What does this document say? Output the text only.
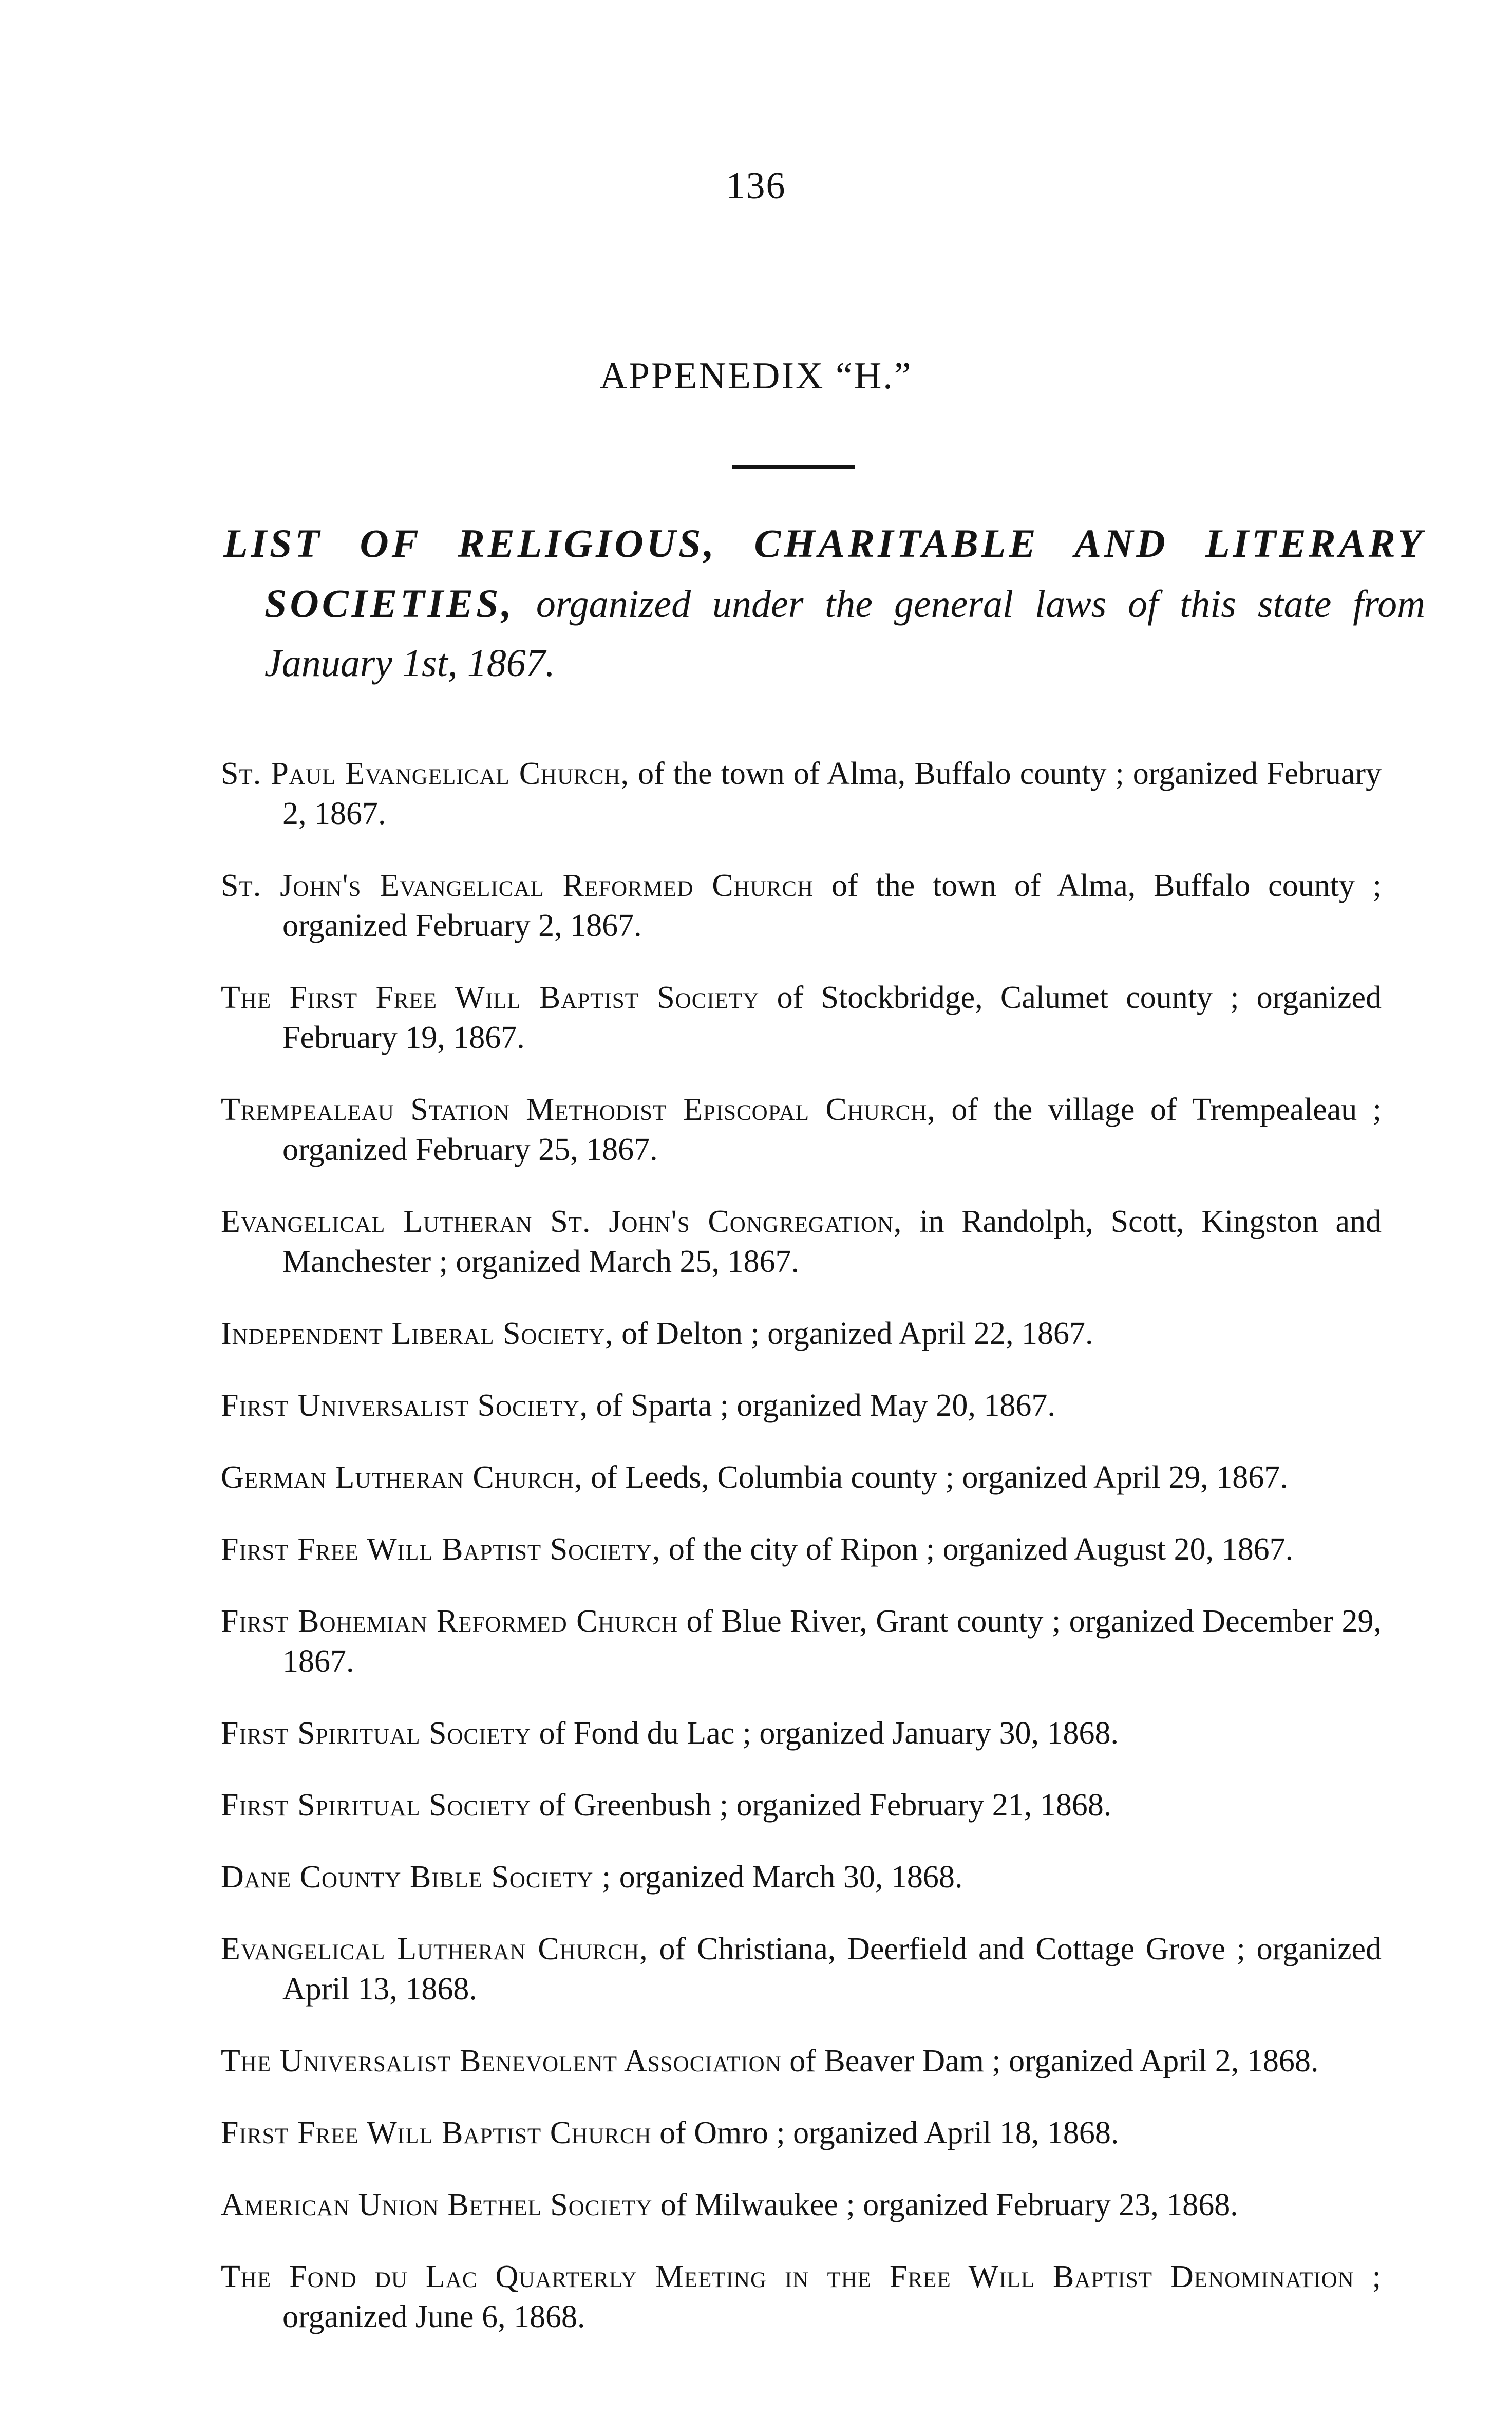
136
APPENEDIX “H.”
LIST OF RELIGIOUS, CHARITABLE AND LITERARY SOCIETIES, organized under the general laws of this state from January 1st, 1867.

St. Paul Evangelical Church, of the town of Alma, Buffalo county ; organized February 2, 1867.

St. John's Evangelical Reformed Church of the town of Alma, Buffalo county ; organized February 2, 1867.

The First Free Will Baptist Society of Stockbridge, Calumet county ; organized February 19, 1867.

Trempealeau Station Methodist Episcopal Church, of the village of Trempealeau ; organized February 25, 1867.

Evangelical Lutheran St. John's Congregation, in Randolph, Scott, Kingston and Manchester ; organized March 25, 1867.

Independent Liberal Society, of Delton ; organized April 22, 1867.

First Universalist Society, of Sparta ; organized May 20, 1867.

German Lutheran Church, of Leeds, Columbia county ; organized April 29, 1867.

First Free Will Baptist Society, of the city of Ripon ; organized August 20, 1867.

First Bohemian Reformed Church of Blue River, Grant county ; organized December 29, 1867.

First Spiritual Society of Fond du Lac ; organized January 30, 1868.

First Spiritual Society of Greenbush ; organized February 21, 1868.

Dane County Bible Society ; organized March 30, 1868.

Evangelical Lutheran Church, of Christiana, Deerfield and Cottage Grove ; organized April 13, 1868.

The Universalist Benevolent Association of Beaver Dam ; organized April 2, 1868.

First Free Will Baptist Church of Omro ; organized April 18, 1868.

American Union Bethel Society of Milwaukee ; organized February 23, 1868.

The Fond du Lac Quarterly Meeting in the Free Will Baptist Denomination ; organized June 6, 1868.
